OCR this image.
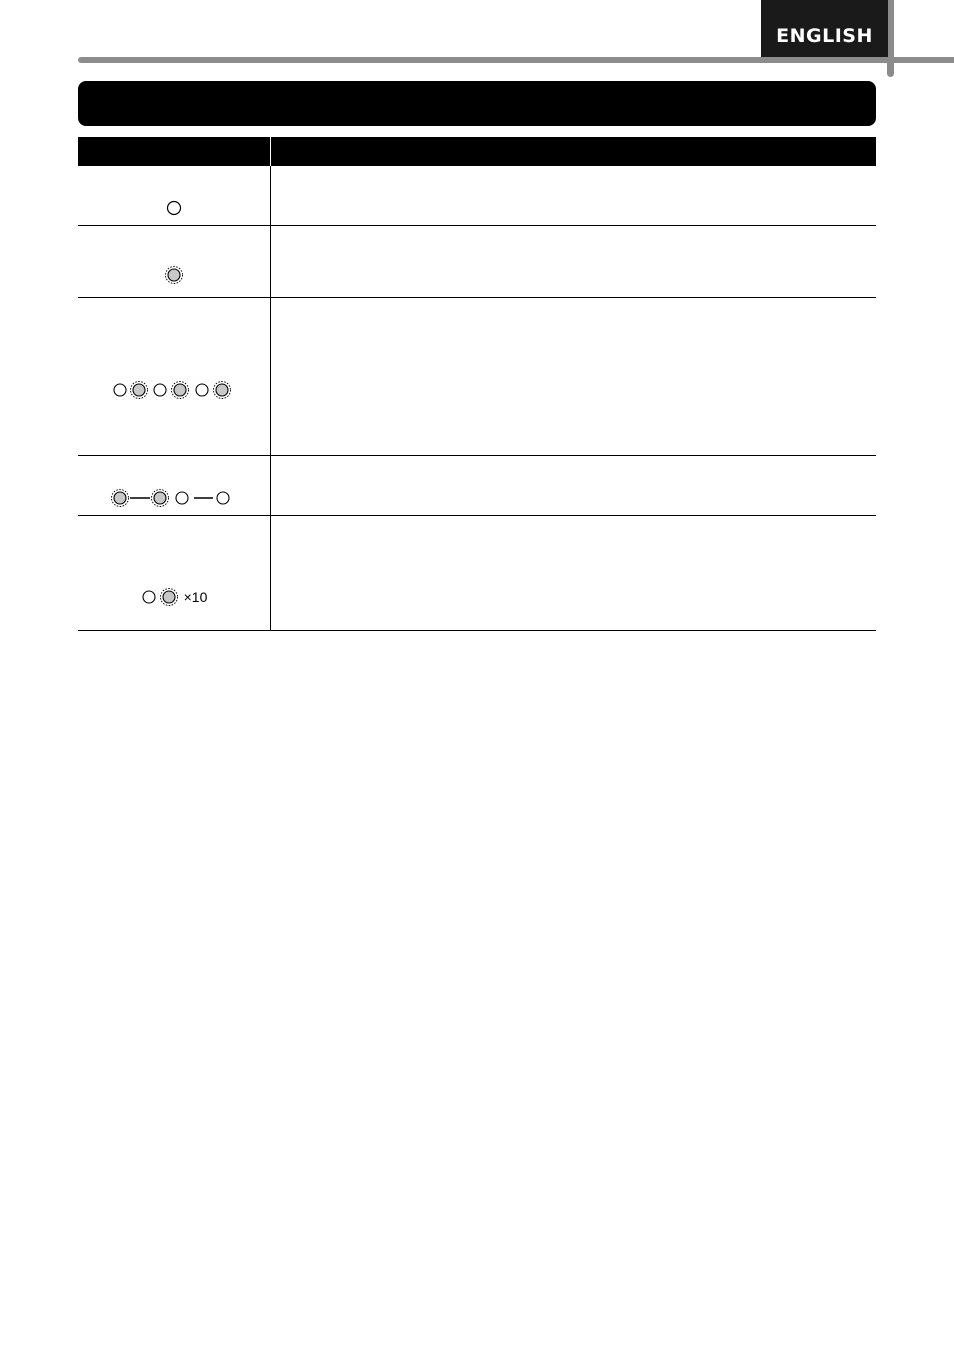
ENGLISH
×10
